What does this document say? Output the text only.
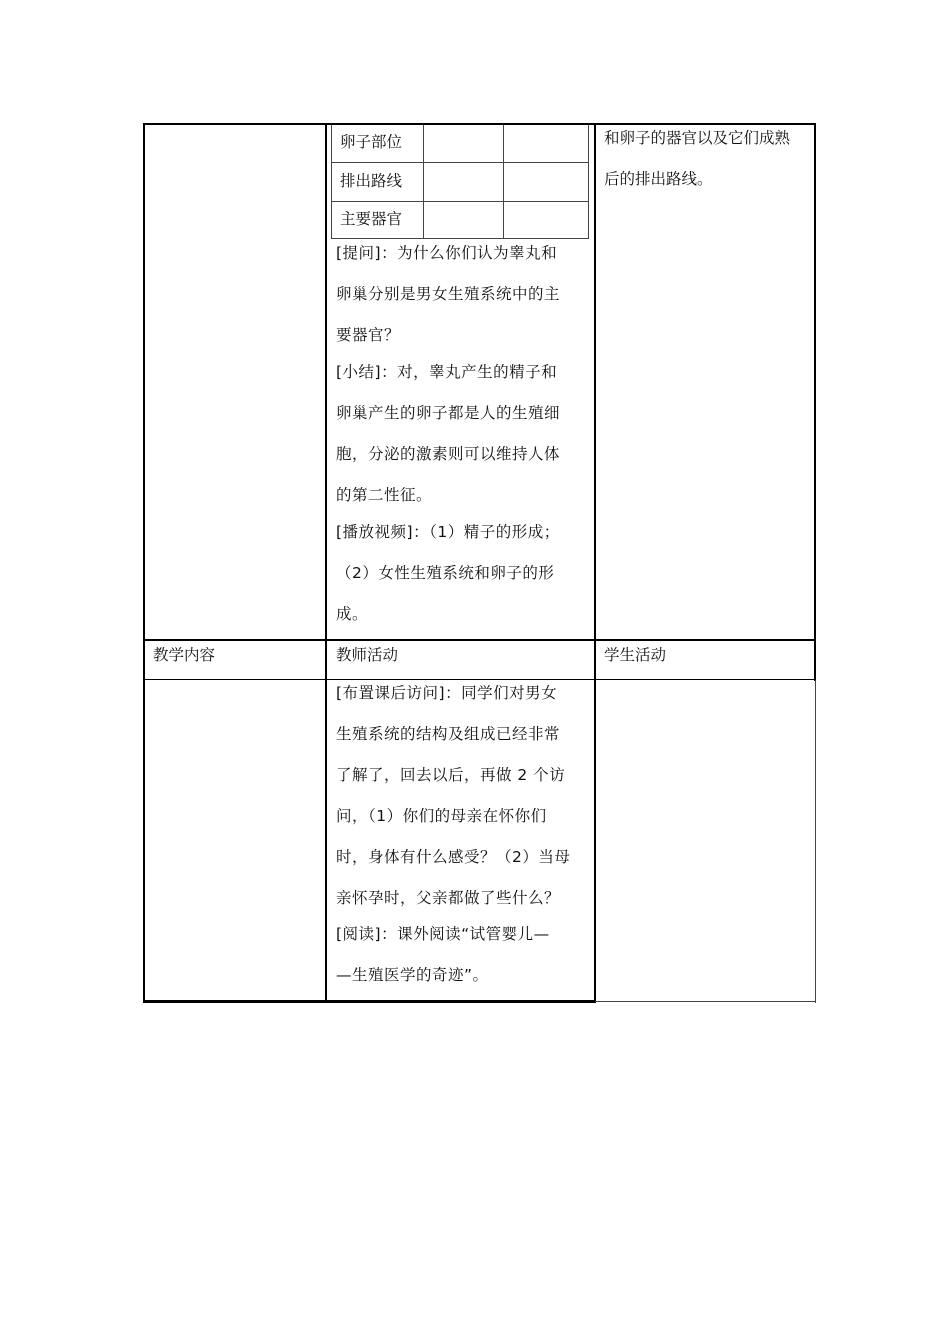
卵子部位
排出路线
主要器官
[提问]：为什么你们认为睾丸和
卵巢分别是男女生殖系统中的主
要器官？
[小结]：对，睾丸产生的精子和
卵巢产生的卵子都是人的生殖细
胞，分泌的激素则可以维持人体
的第二性征。
[播放视频]：（1）精子的形成；
（2）女性生殖系统和卵子的形
成。
和卵子的器官以及它们成熟
后的排出路线。
教学内容	教师活动	学生活动
[布置课后访问]：同学们对男女
生殖系统的结构及组成已经非常
了解了，回去以后，再做 2 个访
问，（1）你们的母亲在怀你们
时，身体有什么感受？（2）当母
亲怀孕时，父亲都做了些什么？
[阅读]：课外阅读“试管婴儿—
—生殖医学的奇迹”。
